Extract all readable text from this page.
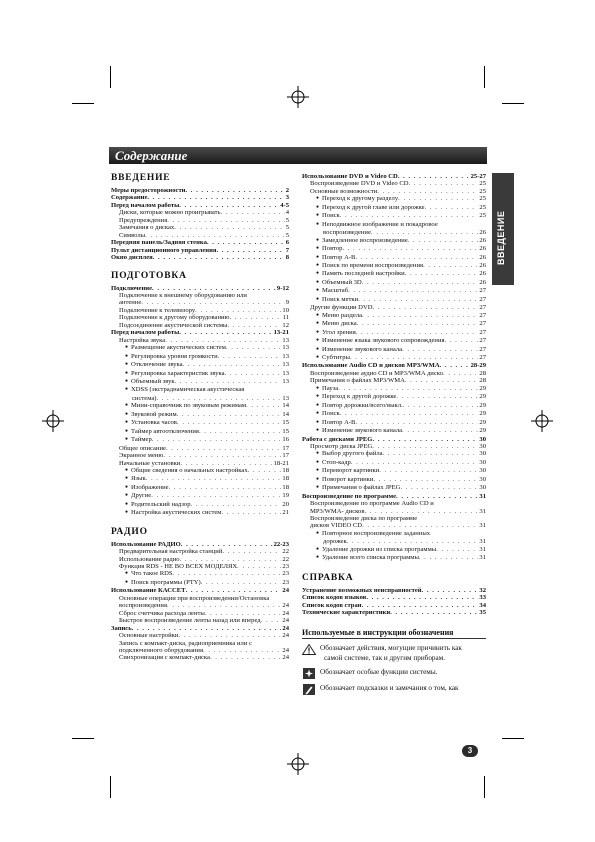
Содержание
ВВЕДЕНИЕ
ВВЕДЕНИЕ
Меры предосторожности . . .	2
Содержание . . .	3
Перед началом работы . . .	4-5
Диски, которые можно проигрывать . . .	4
Предупреждения . . .	5
Замечания о дисках . . .	5
Символы . . .	5
Передняя панель/Задняя стенка . . .	6
Пульт дистанционного управления . . .	7
Окно дисплея . . .	8
ПОДГОТОВКА
Подключение . . .	9-12
Подключение к внешнему оборудованию или
антенне . . .	9
Подключение к телевизору . . .	10
Подключение к другому оборудованию . . .	11
Подсоединение акустической системы . . .	12
Перед началом работы . . .	13-21
Настройка звука . . .	13
● Размещение акустических систем . . .	13
● Регулировка уровня громкости . . .	13
● Отключение звука . . .	13
● Регулировка характеристик звука . . .	13
● Объемный звук . . .	13
● XDSS (экстраднамическая акустическая
система) . . .	13
● Мини-справочник по звуковым режимам . . .	14
● Звуковой режим . . .	14
● Установка часов . . .	15
● Таймер автоотключения . . .	15
● Таймер . . .	16
Общее описание . . .	17
Экранное меню . . .	17
Начальные установки . . .	18-21
● Общие сведения о начальных настройках . . .	18
● Язык . . .	18
● Изображение . . .	18
● Другие . . .	19
● Родительский надзор . . .	20
● Настройка акустических систем . . .	21
РАДИО
Использование РАДИО . . .	22-23
Предварительная настройка станций . . .	22
Использование радио . . .	22
Функция RDS - НЕ ВО ВСЕХ МОДЕЛЯХ . . .	23
● Что такое RDS . . .	23
● Поиск программы (PTY) . . .	23
Использование КАССЕТ . . .	24
Основные операции при воспроизведении/Остановка
воспроизведения . . .	24
Сброс счетчика расхода ленты . . .	24
Быстрое воспроизведение ленты назад или вперед . . .	24
Запись . . .	24
Основные настройки . . .	24
Запись с компакт-диска, радиоприемника или с
подключенного оборудования . . .	24
Синхронизация с компакт-диска . . .	24
Использование DVD и Video CD . . .	25-27
Воспроизведение DVD и Video CD . . .	25
Основные возможности . . .	25
● Переход к другому разделу . . .	25
● Переход к другой главе или дорожке . . .	25
● Поиск . . .	25
● Неподвижное изображение и покадровое
воспроизведение . . .	26
● Замедленное воспроизведение . . .	26
● Повтор . . .	26
● Повтор A-B . . .	26
● Поиск по времени воспроизведения . . .	26
● Память последней настройки . . .	26
● Объемный 3D . . .	26
● Масштаб . . .	27
● Поиск метки . . .	27
Другие функции DVD . . .	27
● Меню раздела . . .	27
● Меню диска . . .	27
● Угол зрения . . .	27
● Изменение языка звукового сопровождения . . .	27
● Изменение звукового канала . . .	27
● Субтитры . . .	27
Использование Audio CD и дисков MP3/WMA . . .	28-29
Воспроизведение аудио CD и MP3/WMA диско . . .	28
Примечания о файлах MP3/WMA . . .	28
● Пауза . . .	29
● Переход к другой дорожке . . .	29
● Повтор дорожки/всего/выкл. . . .	29
● Поиск . . .	29
● Повтор A-B . . .	29
● Изменение звукового канала . . .	29
Работа с дисками JPEG . . .	30
Просмотр диска JPEG . . .	30
● Выбор другого файла . . .	30
● Стоп-кадр . . .	30
● Переворот картинки . . .	30
● Поворот картинки . . .	30
● Примечания о файлах JPEG . . .	30
Воспроизведение по программе . . .	31
Воспроизведение по программе Audio CD и
MP3/WMA- дисков . . .	31
Воспроизведение диска по программе
дисков VIDEO CD . . .	31
● Повторное воспроизведение заданных
дорожек . . .	31
● Удаление дорожки из списка программы . . .	31
● Удаление всего списка программы . . .	31
СПРАВКА
Устранение возможных неисправностей . . .	32
Список кодов языков . . .	33
Список кодов стран . . .	34
Технические характеристики . . .	35
Используемые в инструкции обозначения
Обозначает действия, могущие причинить как
самой системе, так и другим приборам.
Обозначает особые функции системы.
Обозначает подсказки и замечания о том, как
3
